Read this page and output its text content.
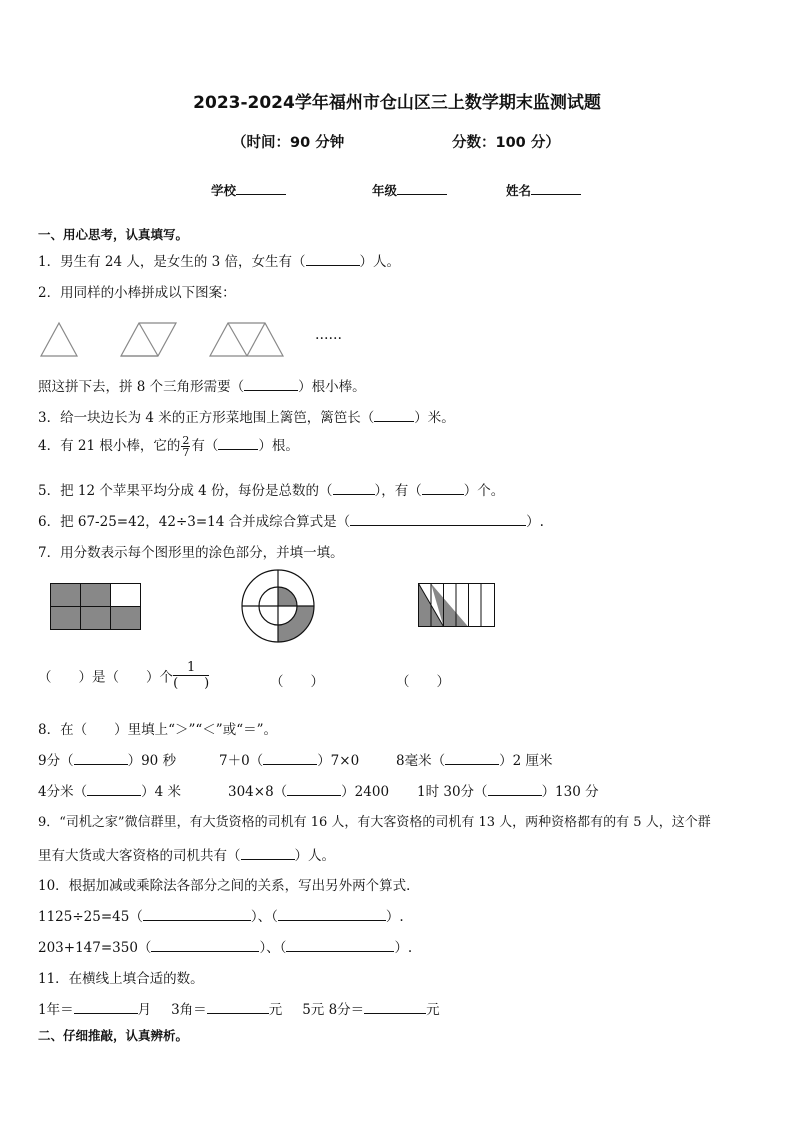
2023-2024学年福州市仓山区三上数学期末监测试题
（时间：90 分钟	分数：100 分）
学校	年级	姓名
一、用心思考，认真填写。
1．男生有 24 人，是女生的 3 倍，女生有（	）人。
2．用同样的小棒拼成以下图案：
……
照这拼下去，拼 8 个三角形需要（	）根小棒。
3．给一块边长为 4 米的正方形菜地围上篱笆，篱笆长（	）米。
4．有 21 根小棒，它的 $\frac{2}{7}$ 有（	）根。
5．把 12 个苹果平均分成 4 份，每份是总数的（	），有（	）个。
6．把 67-25=42，42÷3=14 合并成综合算式是（	）.
7．用分数表示每个图形里的涂色部分，并填一填。
（　　）是（　　）个
1
(　　)	（　　）	（　　）
8．在（　　）里填上“＞”“＜”或“＝”。
9分（	）90 秒	7＋0（	）7×0	8毫米（	）2 厘米
4分米（	）4 米	304×8（	）2400 1时 30分（	）130 分
9．“司机之家”微信群里，有大货资格的司机有 16 人，有大客资格的司机有 13 人，两种资格都有的有 5 人，这个群
里有大货或大客资格的司机共有（	）人。
10．根据加减或乘除法各部分之间的关系，写出另外两个算式．
1125÷25=45（	）、（	）.
203+147=350（	）、（	）.
11．在横线上填合适的数。
1年＝	月 3角＝	元 5元 8分＝	元
二、仔细推敲，认真辨析。
